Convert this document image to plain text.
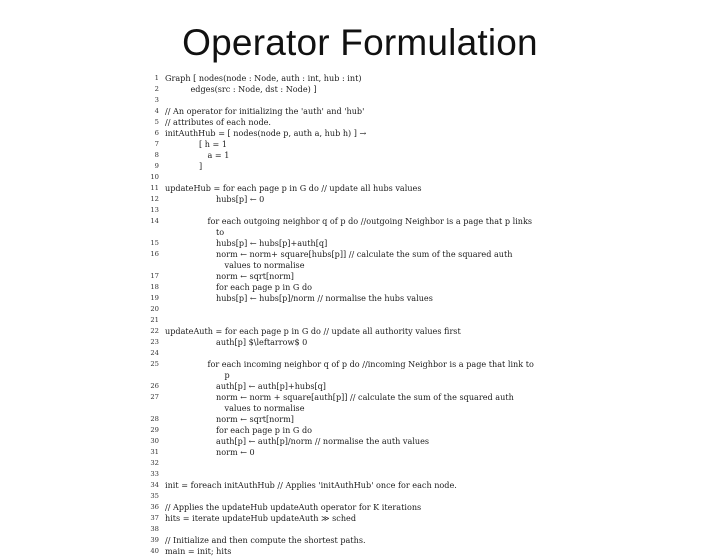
Operator Formulation
1 Graph [ nodes(node : Node, auth : int, hub : int)
2	edges(src : Node, dst : Node) ]
3
4 // An operator for initializing the 'auth' and 'hub'
5 // attributes of each node.
6 initAuthHub = [ nodes(node p, auth a, hub h) ] →
7	[ h = 1
8	a = 1
9	]
10
11 updateHub = for each page p in G do // update all hubs values
12	hubs[p] ← 0
13
14	for each outgoing neighbor q of p do //outgoing Neighbor is a page that p links
to
15	hubs[p] ← hubs[p]+auth[q]
16	norm ← norm+ square[hubs[p]] // calculate the sum of the squared auth
values to normalise
17	norm ← sqrt[norm]
18	for each page p in G do
19	hubs[p] ← hubs[p]/norm // normalise the hubs values
20
21
22 updateAuth = for each page p in G do // update all authority values first
23	auth[p] $\leftarrow$ 0
24
25	for each incoming neighbor q of p do //incoming Neighbor is a page that link to
p
26	auth[p] ← auth[p]+hubs[q]
27	norm ← norm + square[auth[p]] // calculate the sum of the squared auth
values to normalise
28	norm ← sqrt[norm]
29	for each page p in G do
30	auth[p] ← auth[p]/norm // normalise the auth values
31	norm ← 0
32
33
34 init = foreach initAuthHub // Applies 'initAuthHub' once for each node.
35
36 // Applies the updateHub updateAuth operator for K iterations
37 hits = iterate updateHub updateAuth ≫ sched
38
39 // Initialize and then compute the shortest paths.
40 main = init; hits
